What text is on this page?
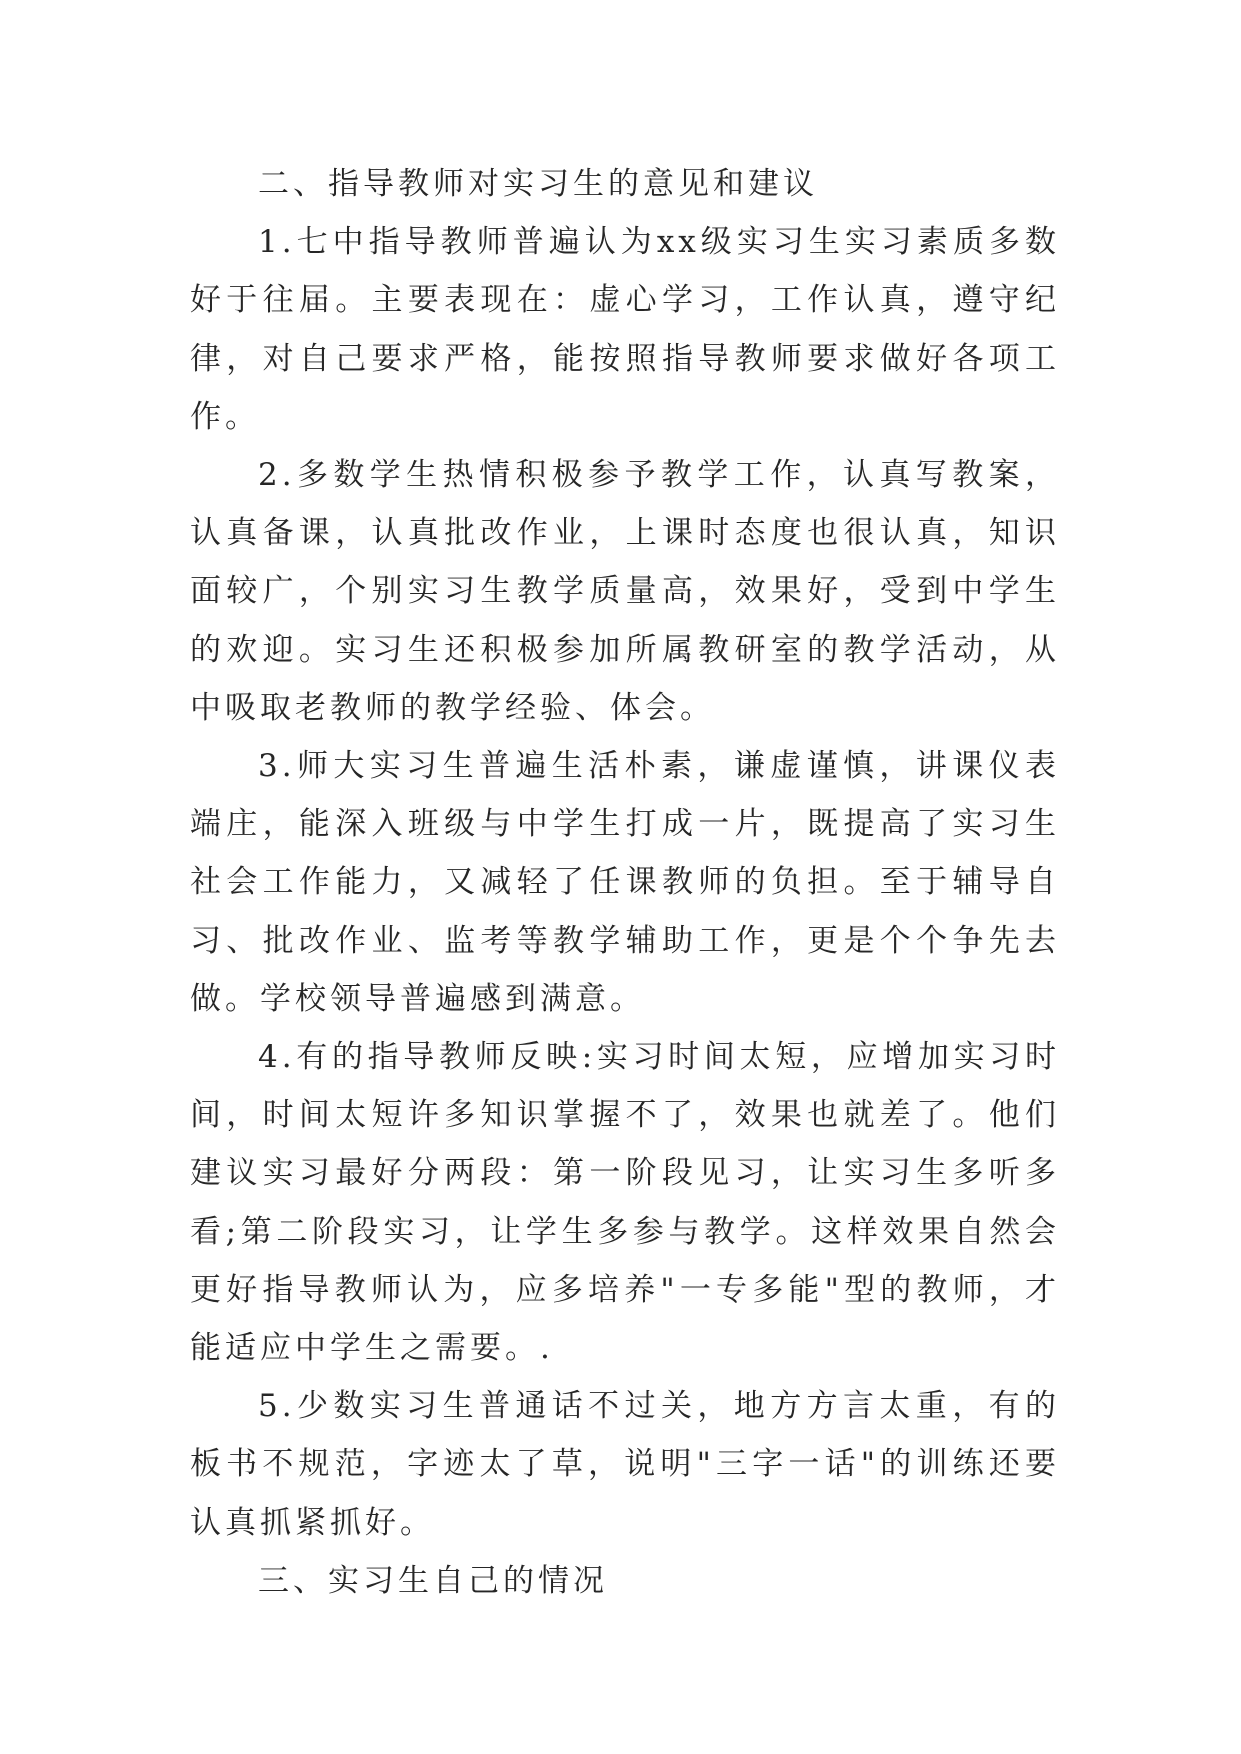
二、指导教师对实习生的意见和建议

1.七中指导教师普遍认为xx级实习生实习素质多数好于往届。主要表现在：虚心学习，工作认真，遵守纪律，对自己要求严格，能按照指导教师要求做好各项工作。

2.多数学生热情积极参予教学工作，认真写教案，认真备课，认真批改作业，上课时态度也很认真，知识面较广，个别实习生教学质量高，效果好，受到中学生的欢迎。实习生还积极参加所属教研室的教学活动，从中吸取老教师的教学经验、体会。

3.师大实习生普遍生活朴素，谦虚谨慎，讲课仪表端庄，能深入班级与中学生打成一片，既提高了实习生社会工作能力，又减轻了任课教师的负担。至于辅导自习、批改作业、监考等教学辅助工作，更是个个争先去做。学校领导普遍感到满意。

4.有的指导教师反映:实习时间太短，应增加实习时间，时间太短许多知识掌握不了，效果也就差了。他们建议实习最好分两段：第一阶段见习，让实习生多听多看;第二阶段实习，让学生多参与教学。这样效果自然会更好指导教师认为，应多培养"一专多能"型的教师，才能适应中学生之需要。.

5.少数实习生普通话不过关，地方方言太重，有的板书不规范，字迹太了草，说明"三字一话"的训练还要认真抓紧抓好。

三、实习生自己的情况
